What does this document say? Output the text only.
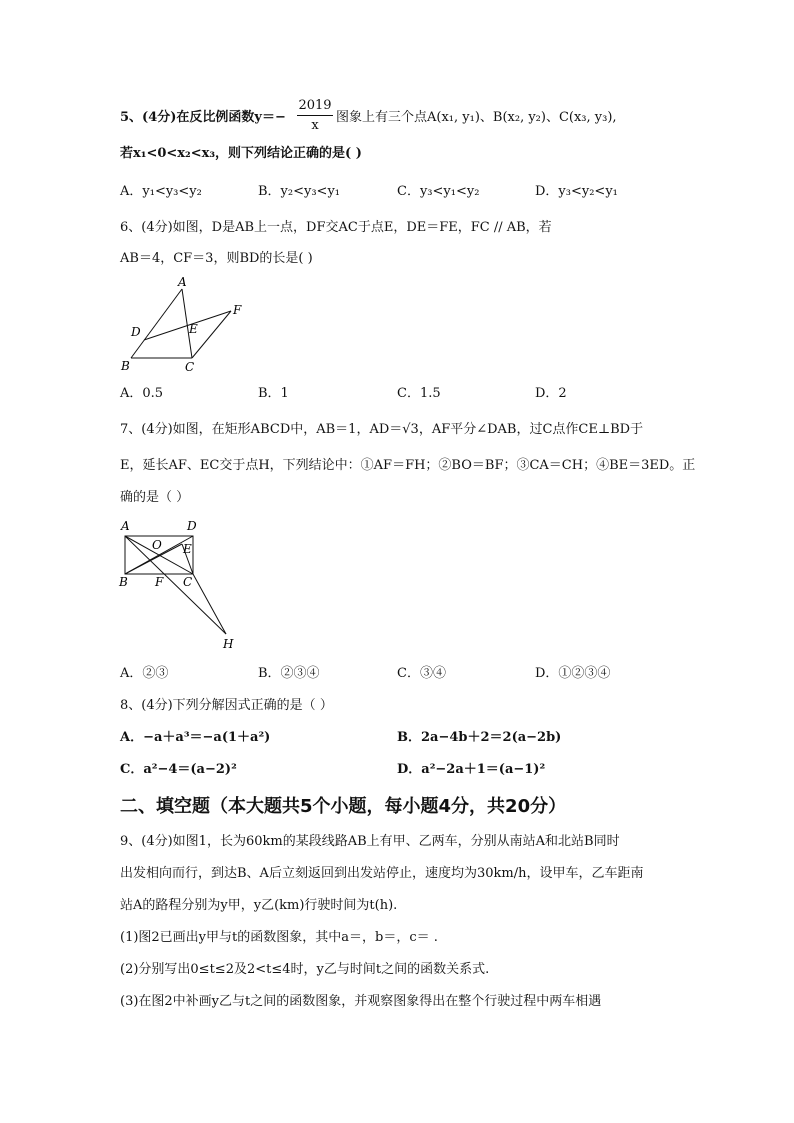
5、(4分)在反比例函数y＝−
2019
x
图象上有三个点A(x₁, y₁)、B(x₂, y₂)、C(x₃, y₃),
若x₁<0<x₂<x₃，则下列结论正确的是( )
A．y₁<y₃<y₂	B．y₂<y₃<y₁	C．y₃<y₁<y₂	D．y₃<y₂<y₁
6、(4分)如图，D是AB上一点，DF交AC于点E，DE＝FE，FC // AB，若
AB＝4，CF＝3，则BD的长是( )
A
D	E
F
B	C
A．0.5	B．1	C．1.5	D．2
7、(4分)如图，在矩形ABCD中，AB＝1，AD＝√3，AF平分∠DAB，过C点作CE⊥BD于
E，延长AF、EC交于点H，下列结论中：①AF＝FH；②BO＝BF；③CA＝CH；④BE＝3ED。正
确的是（ ）
A	D
O E
B F C
H
A．②③	B．②③④	C．③④	D．①②③④
8、(4分)下列分解因式正确的是（ ）
A．−a＋a³＝−a(1＋a²)	B．2a−4b＋2＝2(a−2b)
C．a²−4＝(a−2)²	D．a²−2a＋1＝(a−1)²
二、填空题（本大题共5个小题，每小题4分，共20分）
9、(4分)如图1，长为60km的某段线路AB上有甲、乙两车，分别从南站A和北站B同时
出发相向而行，到达B、A后立刻返回到出发站停止，速度均为30km/h，设甲车，乙车距南
站A的路程分别为y甲，y乙(km)行驶时间为t(h).
(1)图2已画出y甲与t的函数图象，其中a＝，b＝，c＝ .
(2)分别写出0≤t≤2及2<t≤4时，y乙与时间t之间的函数关系式.
(3)在图2中补画y乙与t之间的函数图象，并观察图象得出在整个行驶过程中两车相遇
